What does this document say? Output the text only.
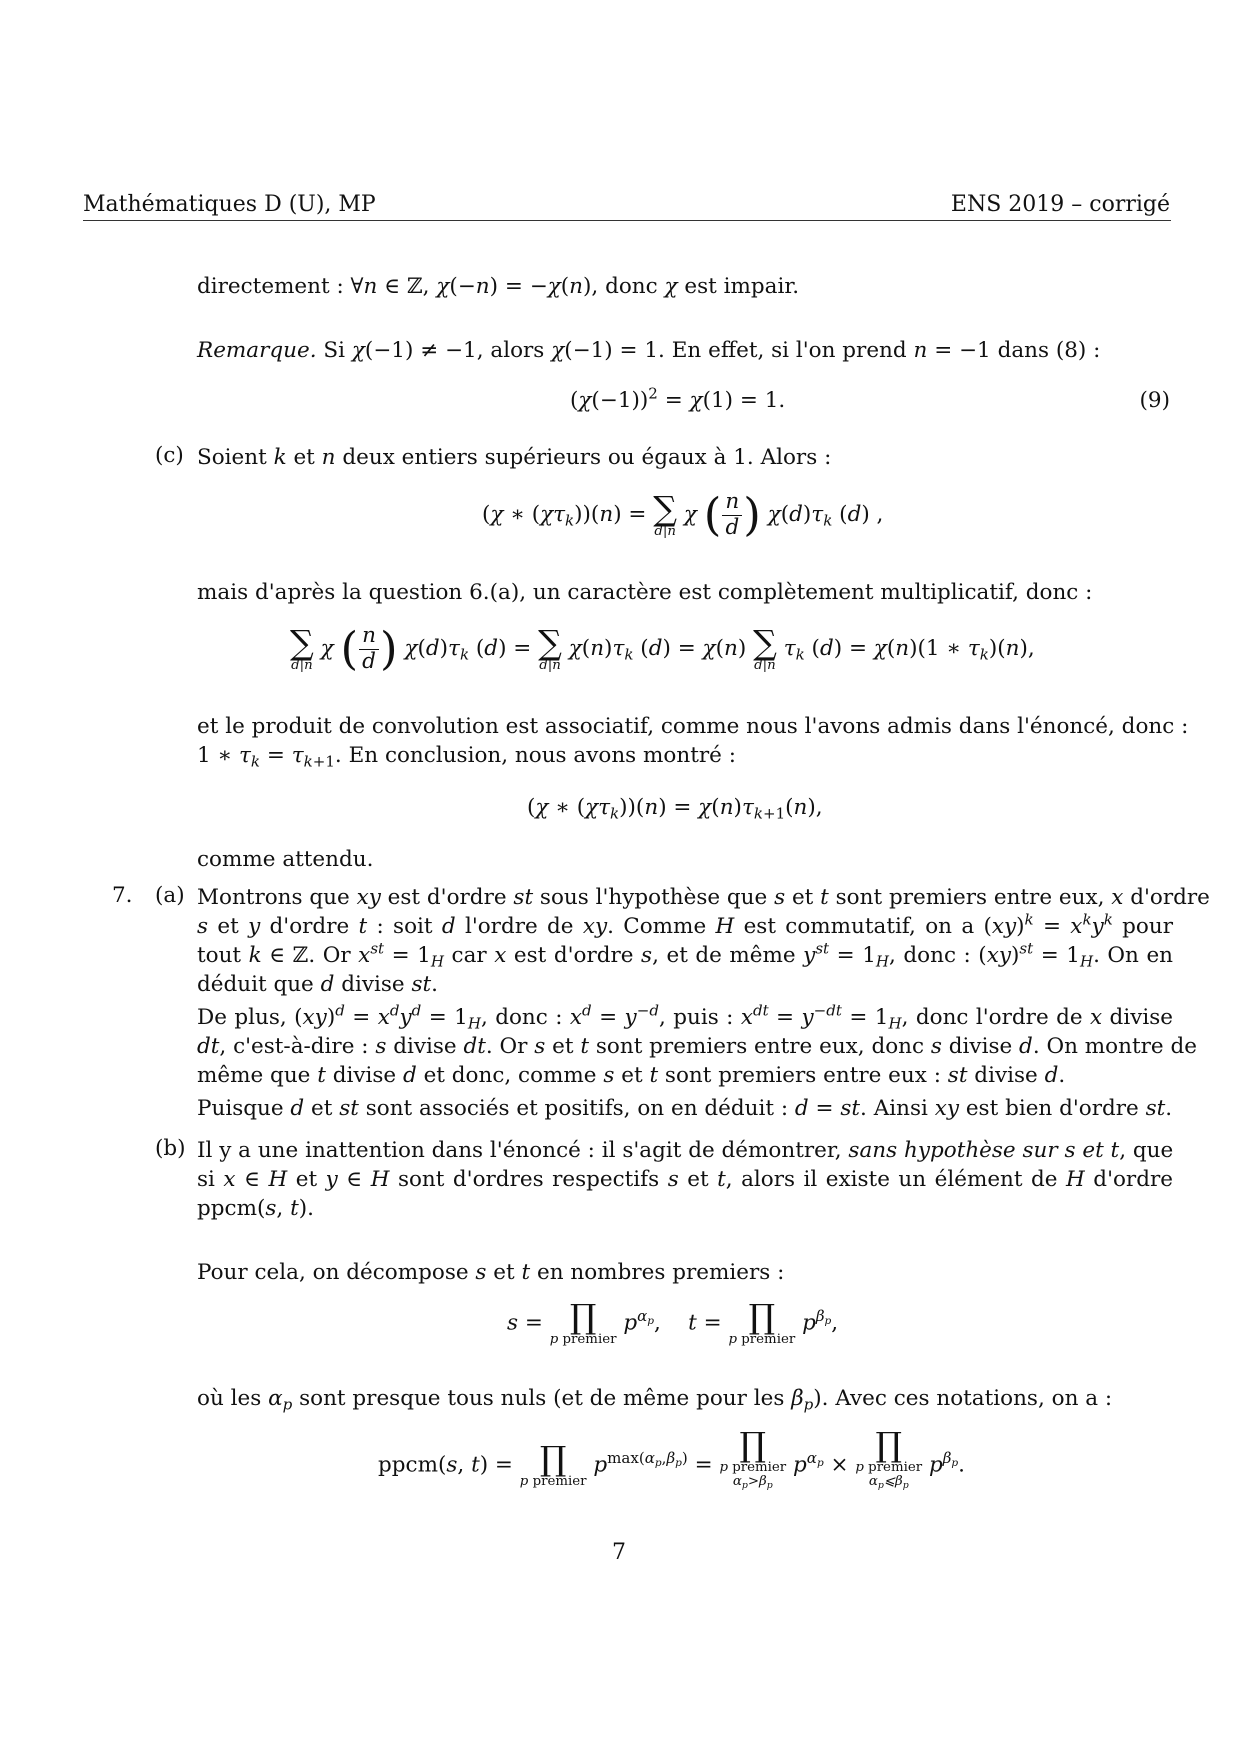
Mathématiques D (U), MP	ENS 2019 – corrigé
directement : ∀n ∈ ℤ, χ(−n) = −χ(n), donc χ est impair.
Remarque. Si χ(−1) ≠ −1, alors χ(−1) = 1. En effet, si l'on prend n = −1 dans (8) :
$(\chi(-1))^2 = \chi(1) = 1$.	(9)
(c) Soient k et n deux entiers supérieurs ou égaux à 1. Alors :
(χ ∗ $(\chi\tau_k))(n)$ = ∑
d|n
χ ( $\frac{n}{d}$ ) $\chi(d)\tau_k$ (d) ,
mais d'après la question 6.(a), un caractère est complètement multiplicatif, donc :
∑
d|n
χ ( $\frac{n}{d}$ ) $\chi(d)\tau_k$ (d) = ∑
d|n
$\chi(n)\tau_k$ (d) = χ(n) ∑
d|n
$\tau_k$ (d) = χ(n)(1 ∗ $\tau_k)(n)$,
et le produit de convolution est associatif, comme nous l'avons admis dans l'énoncé, donc :
1 ∗ $\tau_k = \tau_{k+1}$. En conclusion, nous avons montré :
(χ ∗ $(\chi\tau_k))(n) = \chi(n)\tau_{k+1}(n)$,
comme attendu.
7. (a) Montrons que xy est d'ordre st sous l'hypothèse que s et t sont premiers entre eux, x d'ordre
s et y d'ordre t : soit d l'ordre de xy. Comme H est commutatif, on a $(xy)^k = x^ky^k$ pour
tout k ∈ ℤ. Or $x^{st} = 1_H$ car x est d'ordre s, et de même $y^{st} = 1_H$, donc : $(xy)^{st} = 1_H$. On en
déduit que d divise st.
De plus, $(xy)^d = x^dy^d = 1_H$, donc : $x^d = y^{-d}$, puis : $x^{dt} = y^{-dt} = 1_H$, donc l'ordre de x divise
dt, c'est-à-dire : s divise dt. Or s et t sont premiers entre eux, donc s divise d. On montre de
même que t divise d et donc, comme s et t sont premiers entre eux : st divise d.
Puisque d et st sont associés et positifs, on en déduit : d = st. Ainsi xy est bien d'ordre st.
(b) Il y a une inattention dans l'énoncé : il s'agit de démontrer, sans hypothèse sur s et t, que
si x ∈ H et y ∈ H sont d'ordres respectifs s et t, alors il existe un élément de H d'ordre
ppcm(s, t).
Pour cela, on décompose s et t en nombres premiers :
s = ∏
p premier
$p^{\alpha_p}$,    t = ∏
p premier
$p^{\beta_p}$,
où les $\alpha_p$ sont presque tous nuls (et de même pour les $\beta_p$). Avec ces notations, on a :
ppcm(s, t) = ∏
p premier
$p^{max(\alpha_p,\beta_p)}$ =
∏
p premier
$\alpha_p>\beta_p$
$p^{\alpha_p}$ ×
∏
p premier
$\alpha_p⩽\beta_p$
$p^{\beta_p}$.
7
